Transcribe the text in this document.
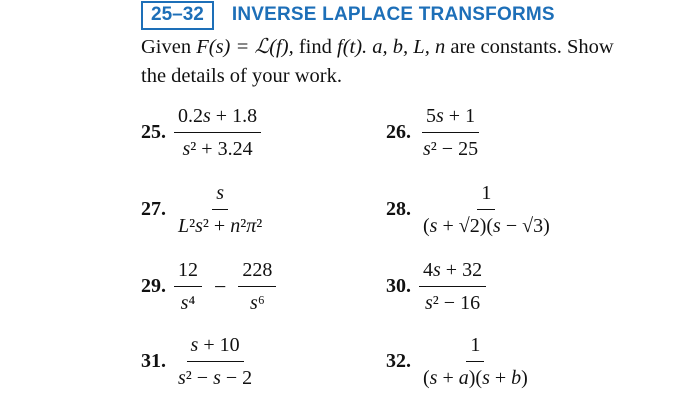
25–32	INVERSE LAPLACE TRANSFORMS
Given F(s) = ℒ(f), find f(t). a, b, L, n are constants. Show
the details of your work.
25. $\frac{0.2s + 1.8}{\text{s² + 3.24}}$	26. $\frac{5s + 1}{\text{s² − 25}}$
27. $\frac{s}{\text{L²s² + n²π²}}$	28. $\frac{1}{(s + √2)(s - √3)}$
29. $\frac{12}{\text{s⁴}} - \frac{228}{\text{s⁶}}$	30. $\frac{4s + 32}{\text{s² − 16}}$
31. $\frac{s + 10}{\text{s² − s − 2}}$	32. $\frac{1}{(s + a)(s + b)}$
